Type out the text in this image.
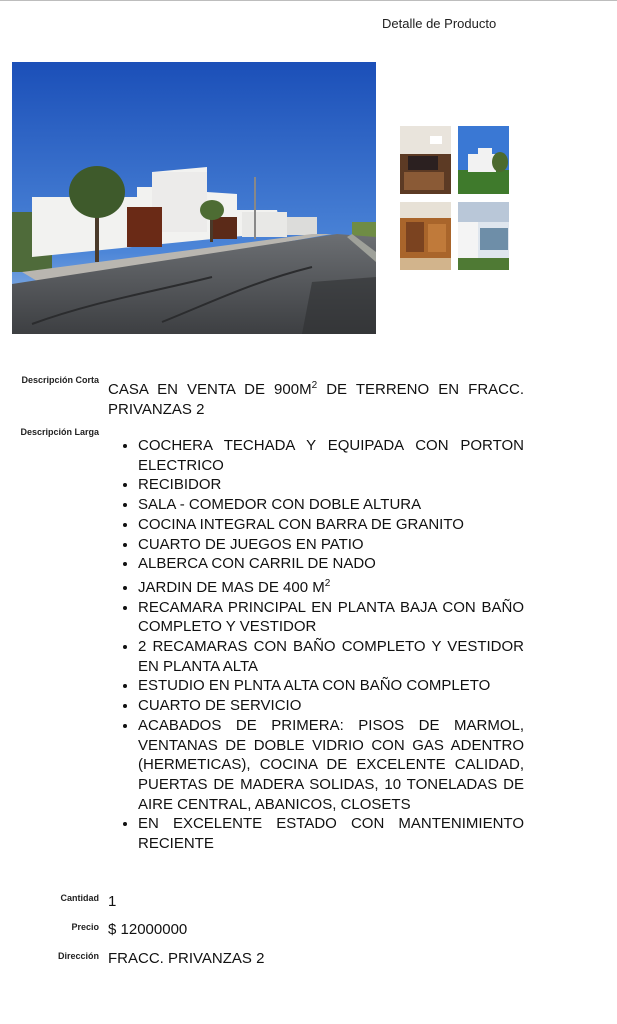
Detalle de Producto
Descripción Corta
CASA EN VENTA DE $900M^2$ DE TERRENO EN FRACC. PRIVANZAS 2
Descripción Larga
• COCHERA TECHADA Y EQUIPADA CON PORTON ELECTRICO
• RECIBIDOR
• SALA - COMEDOR CON DOBLE ALTURA
• COCINA INTEGRAL CON BARRA DE GRANITO
• CUARTO DE JUEGOS EN PATIO
• ALBERCA CON CARRIL DE NADO
• JARDIN DE MAS DE 400 $M^2$
• RECAMARA PRINCIPAL EN PLANTA BAJA CON BAÑO COMPLETO Y VESTIDOR
• 2 RECAMARAS CON BAÑO COMPLETO Y VESTIDOR EN PLANTA ALTA
• ESTUDIO EN PLNTA ALTA CON BAÑO COMPLETO
• CUARTO DE SERVICIO
• ACABADOS DE PRIMERA: PISOS DE MARMOL, VENTANAS DE DOBLE VIDRIO CON GAS ADENTRO (HERMETICAS), COCINA DE EXCELENTE CALIDAD, PUERTAS DE MADERA SOLIDAS, 10 TONELADAS DE AIRE CENTRAL, ABANICOS, CLOSETS
• EN EXCELENTE ESTADO CON MANTENIMIENTO RECIENTE
Cantidad 1
Precio $ 12000000
Dirección FRACC. PRIVANZAS 2
